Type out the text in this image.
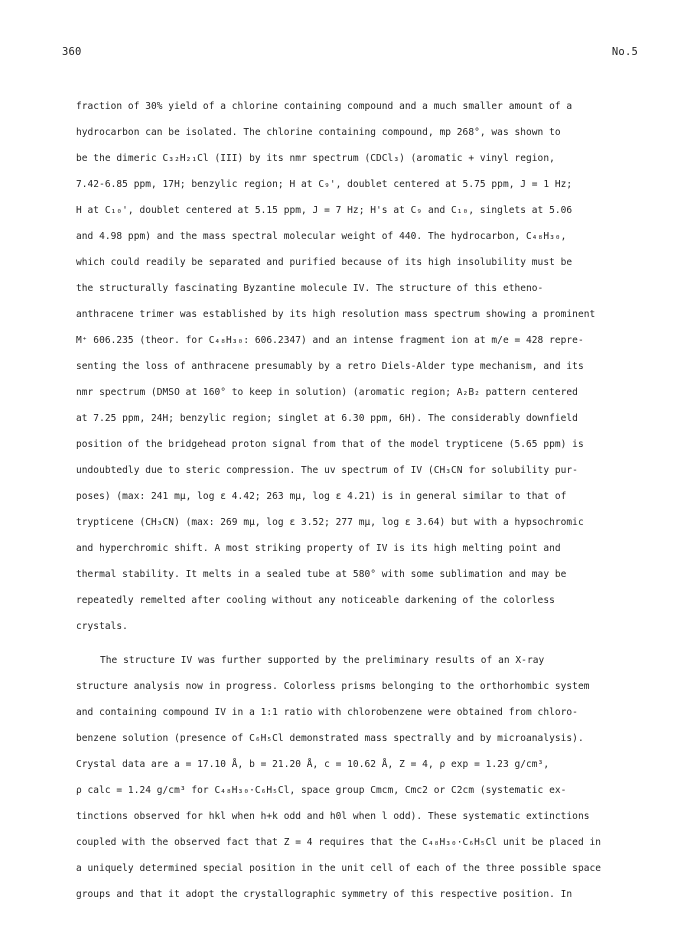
360	No.5

fraction of 30% yield of a chlorine containing compound and a much smaller amount of a

hydrocarbon can be isolated. The chlorine containing compound, mp 268°, was shown to

be the dimeric C₃₂H₂₁Cl (III) by its nmr spectrum (CDCl₃) (aromatic + vinyl region,

7.42-6.85 ppm, 17H; benzylic region; H at C₉', doublet centered at 5.75 ppm, J = 1 Hz;

H at C₁₀', doublet centered at 5.15 ppm, J = 7 Hz; H's at C₉ and C₁₀, singlets at 5.06

and 4.98 ppm) and the mass spectral molecular weight of 440. The hydrocarbon, C₄₈H₃₀,

which could readily be separated and purified because of its high insolubility must be

the structurally fascinating Byzantine molecule IV. The structure of this etheno-

anthracene trimer was established by its high resolution mass spectrum showing a prominent

M⁺ 606.235 (theor. for C₄₈H₃₀: 606.2347) and an intense fragment ion at m/e = 428 repre-

senting the loss of anthracene presumably by a retro Diels-Alder type mechanism, and its

nmr spectrum (DMSO at 160° to keep in solution) (aromatic region; A₂B₂ pattern centered

at 7.25 ppm, 24H; benzylic region; singlet at 6.30 ppm, 6H). The considerably downfield

position of the bridgehead proton signal from that of the model trypticene (5.65 ppm) is

undoubtedly due to steric compression. The uv spectrum of IV (CH₃CN for solubility pur-

poses) (max: 241 mμ, log ε 4.42; 263 mμ, log ε 4.21) is in general similar to that of

trypticene (CH₃CN) (max: 269 mμ, log ε 3.52; 277 mμ, log ε 3.64) but with a hypsochromic

and hyperchromic shift. A most striking property of IV is its high melting point and

thermal stability. It melts in a sealed tube at 580° with some sublimation and may be

repeatedly remelted after cooling without any noticeable darkening of the colorless

crystals.

The structure IV was further supported by the preliminary results of an X-ray

structure analysis now in progress. Colorless prisms belonging to the orthorhombic system

and containing compound IV in a 1:1 ratio with chlorobenzene were obtained from chloro-

benzene solution (presence of C₆H₅Cl demonstrated mass spectrally and by microanalysis).

Crystal data are a = 17.10 Å, b = 21.20 Å, c = 10.62 Å, Z = 4, ρ exp = 1.23 g/cm³,

ρ calc = 1.24 g/cm³ for C₄₈H₃₀·C₆H₅Cl, space group Cmcm, Cmc2 or C2cm (systematic ex-

tinctions observed for hkl when h+k odd and h0l when l odd). These systematic extinctions

coupled with the observed fact that Z = 4 requires that the C₄₈H₃₀·C₆H₅Cl unit be placed in

a uniquely determined special position in the unit cell of each of the three possible space

groups and that it adopt the crystallographic symmetry of this respective position. In
